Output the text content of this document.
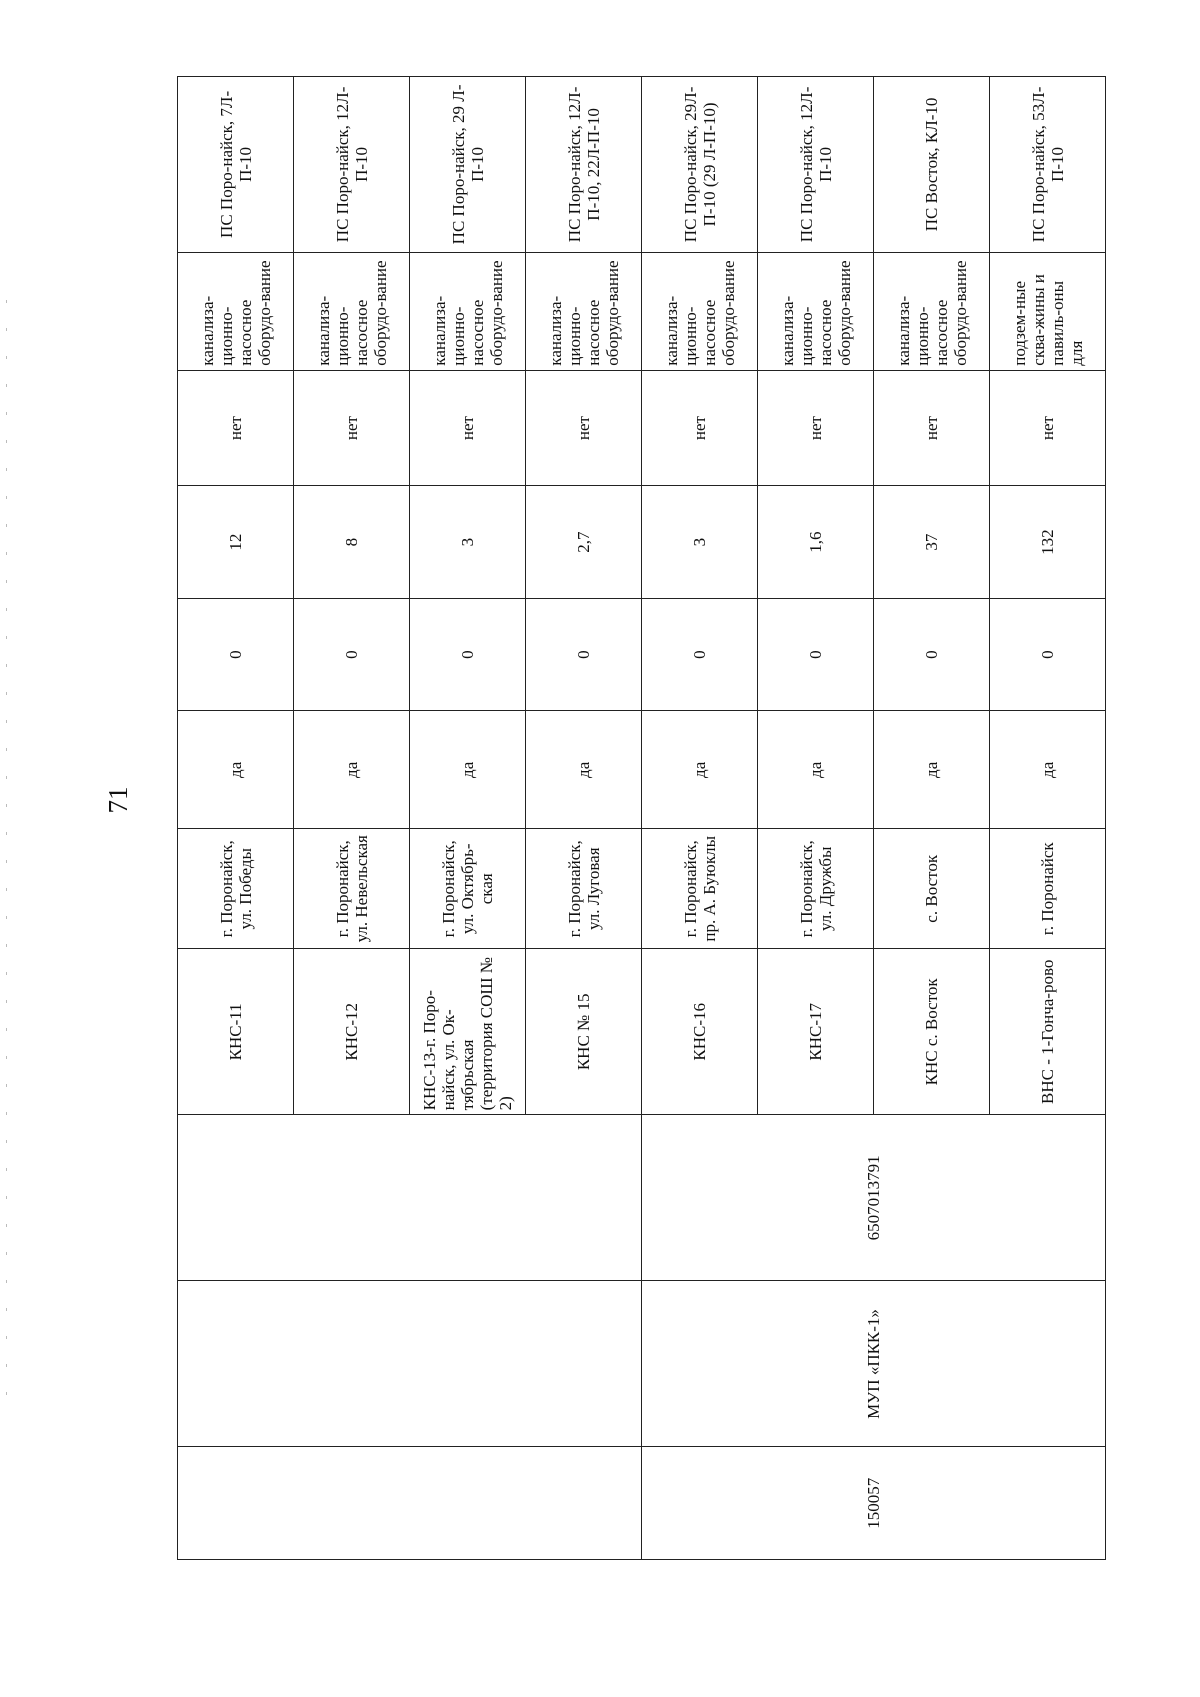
71
			КНС-11	г. Поронайск, ул. Победы	да	0	12	нет	канализа-ционно-насосное оборудо-вание	ПС Поро-найск, 7Л-П-10
			КНС-12	г. Поронайск, ул. Невельская	да	0	8	нет	канализа-ционно-насосное оборудо-вание	ПС Поро-найск, 12Л-П-10
			КНС-13-г. Поро-найск, ул. Ок-тябрьская (территория СОШ № 2)	г. Поронайск, ул. Октябрь-ская	да	0	3	нет	канализа-ционно-насосное оборудо-вание	ПС Поро-найск, 29 Л-П-10
			КНС № 15	г. Поронайск, ул. Луговая	да	0	2,7	нет	канализа-ционно-насосное оборудо-вание	ПС Поро-найск, 12Л-П-10, 22Л-П-10
150057	МУП «ПКК-1»	6507013791	КНС-16	г. Поронайск, пр. А. Буюклы	да	0	3	нет	канализа-ционно-насосное оборудо-вание	ПС Поро-найск, 29Л-П-10 (29 Л-П-10)
			КНС-17	г. Поронайск, ул. Дружбы	да	0	1,6	нет	канализа-ционно-насосное оборудо-вание	ПС Поро-найск, 12Л-П-10
			КНС с. Восток	с. Восток	да	0	37	нет	канализа-ционно-насосное оборудо-вание	ПС Восток, КЛ-10
			ВНС - 1-Гонча-рово	г. Поронайск	да	0	132	нет	подзем-ные сква-жины и павиль-оны для	ПС Поро-найск, 53Л-П-10
